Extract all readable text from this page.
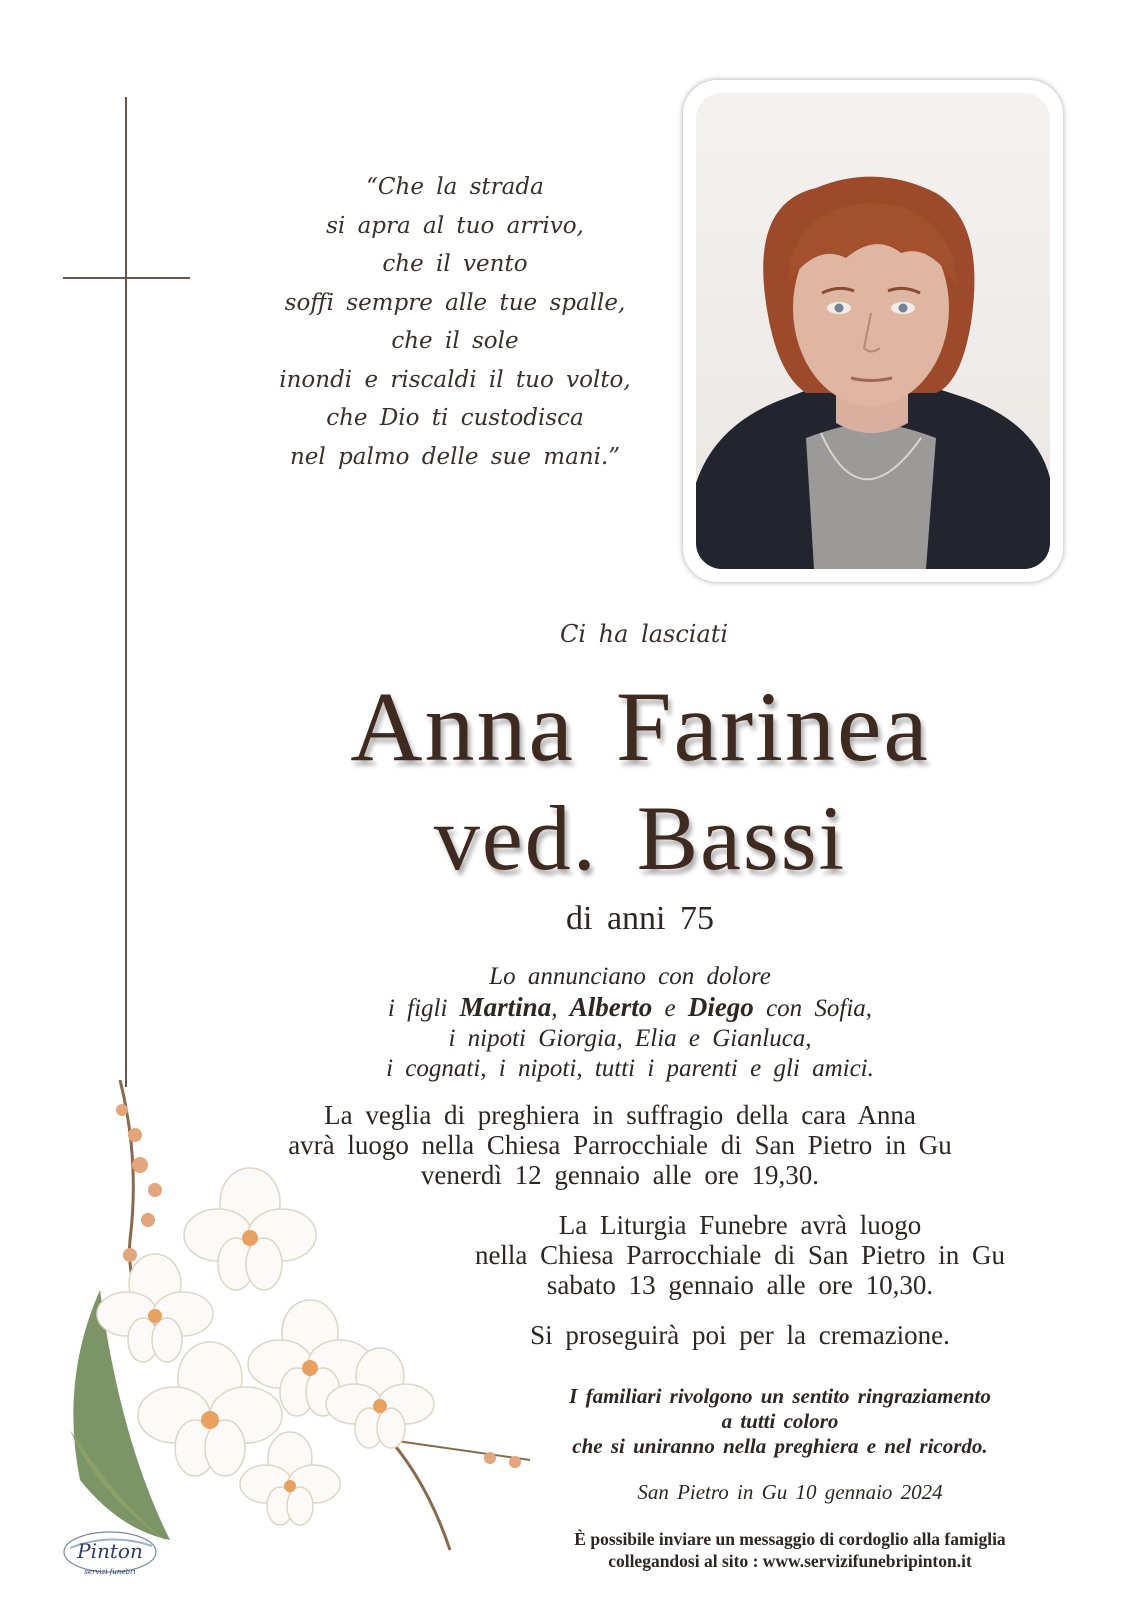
“Che la strada
si apra al tuo arrivo,
che il vento
soffi sempre alle tue spalle,
che il sole
inondi e riscaldi il tuo volto,
che Dio ti custodisca
nel palmo delle sue mani.”
Ci ha lasciati
Anna Farinea
ved. Bassi
di anni 75
Lo annunciano con dolore
i figli Martina, Alberto e Diego con Sofia,
i nipoti Giorgia, Elia e Gianluca,
i cognati, i nipoti, tutti i parenti e gli amici.
La veglia di preghiera in suffragio della cara Anna
avrà luogo nella Chiesa Parrocchiale di San Pietro in Gu
venerdì 12 gennaio alle ore 19,30.
La Liturgia Funebre avrà luogo
nella Chiesa Parrocchiale di San Pietro in Gu
sabato 13 gennaio alle ore 10,30.
Si proseguirà poi per la cremazione.
I familiari rivolgono un sentito ringraziamento
a tutti coloro
che si uniranno nella preghiera e nel ricordo.
San Pietro in Gu 10 gennaio 2024
È possibile inviare un messaggio di cordoglio alla famiglia
collegandosi al sito : www.servizifunebripinton.it
Pinton
servizi funebri
